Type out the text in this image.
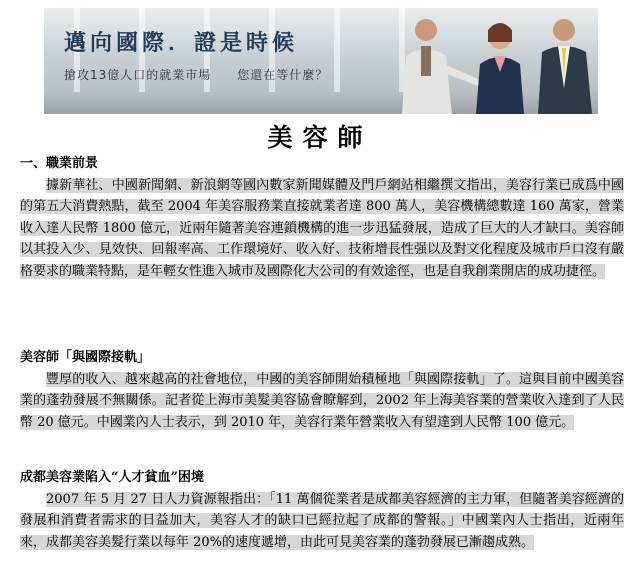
邁向國際．證是時候
搶攻13億人口的就業市場　　您還在等什麼？
美容師
一、職業前景
據新華社、中國新聞網、新浪網等國內數家新聞媒體及門戶網站相繼撰文指出，美容行業已成爲中國的第五大消費熱點，截至 2004 年美容服務業直接就業者達 800 萬人，美容機構總數達 160 萬家，營業收入達人民幣 1800 億元，近兩年隨著美容連鎖機構的進一步迅猛發展，造成了巨大的人才缺口。美容師以其投入少、見效快、回報率高、工作環境好、收入好、技術增長性强以及對文化程度及城市戶口沒有嚴格要求的職業特點，是年輕女性進入城市及國際化大公司的有效途徑，也是自我創業開店的成功捷徑。
美容師「與國際接軌」
豐厚的收入、越來越高的社會地位，中國的美容師開始積極地「與國際接軌」了。這與目前中國美容業的蓬勃發展不無關係。記者從上海市美髮美容協會瞭解到，2002 年上海美容業的營業收入達到了人民幣 20 億元。中國業內人士表示，到 2010 年，美容行業年營業收入有望達到人民幣 100 億元。
成都美容業陷入“人才貧血”困境
2007 年 5 月 27 日人力資源報指出：「11 萬個從業者是成都美容經濟的主力軍，但隨著美容經濟的發展和消費者需求的日益加大，美容人才的缺口已經拉起了成都的警報。」中國業內人士指出，近兩年來，成都美容美髮行業以每年 20%的速度遞增，由此可見美容業的蓬勃發展已漸趨成熟。
